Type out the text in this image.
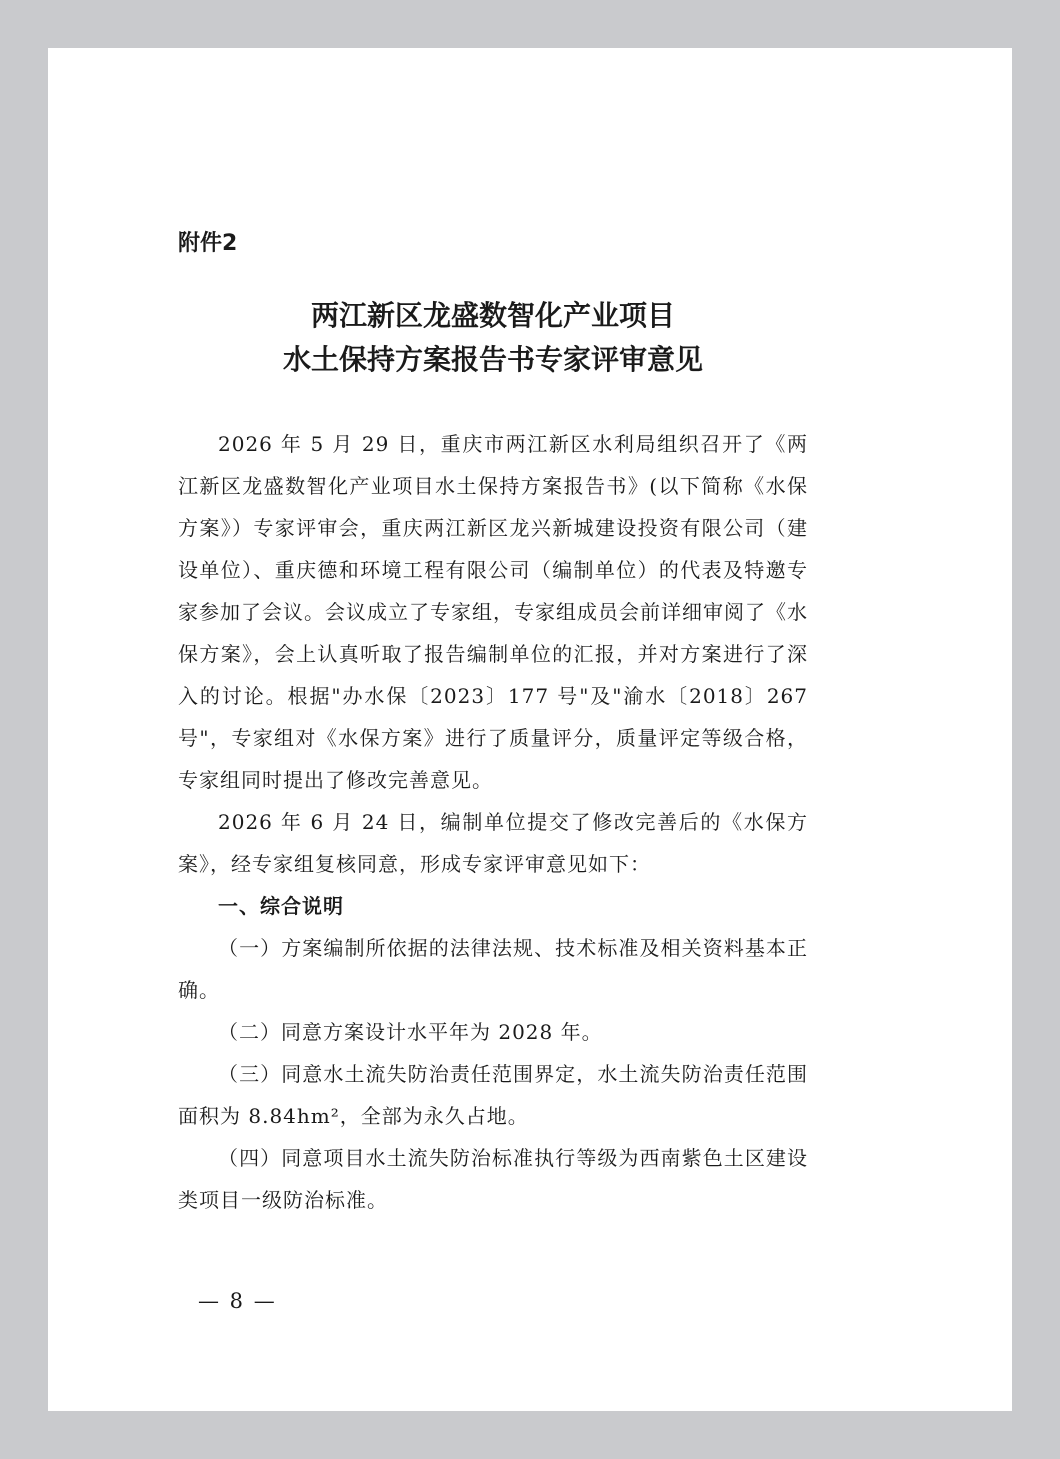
附件2

两江新区龙盛数智化产业项目
水土保持方案报告书专家评审意见

2026 年 5 月 29 日，重庆市两江新区水利局组织召开了《两江新区龙盛数智化产业项目水土保持方案报告书》(以下简称《水保方案》）专家评审会，重庆两江新区龙兴新城建设投资有限公司（建设单位）、重庆德和环境工程有限公司（编制单位）的代表及特邀专家参加了会议。会议成立了专家组，专家组成员会前详细审阅了《水保方案》，会上认真听取了报告编制单位的汇报，并对方案进行了深入的讨论。根据"办水保〔2023〕177 号"及"渝水〔2018〕267 号"，专家组对《水保方案》进行了质量评分，质量评定等级合格，专家组同时提出了修改完善意见。

2026 年 6 月 24 日，编制单位提交了修改完善后的《水保方案》，经专家组复核同意，形成专家评审意见如下：

一、综合说明

（一）方案编制所依据的法律法规、技术标准及相关资料基本正确。

（二）同意方案设计水平年为 2028 年。

（三）同意水土流失防治责任范围界定，水土流失防治责任范围面积为 8.84hm²，全部为永久占地。

（四）同意项目水土流失防治标准执行等级为西南紫色土区建设类项目一级防治标准。

— 8 —
